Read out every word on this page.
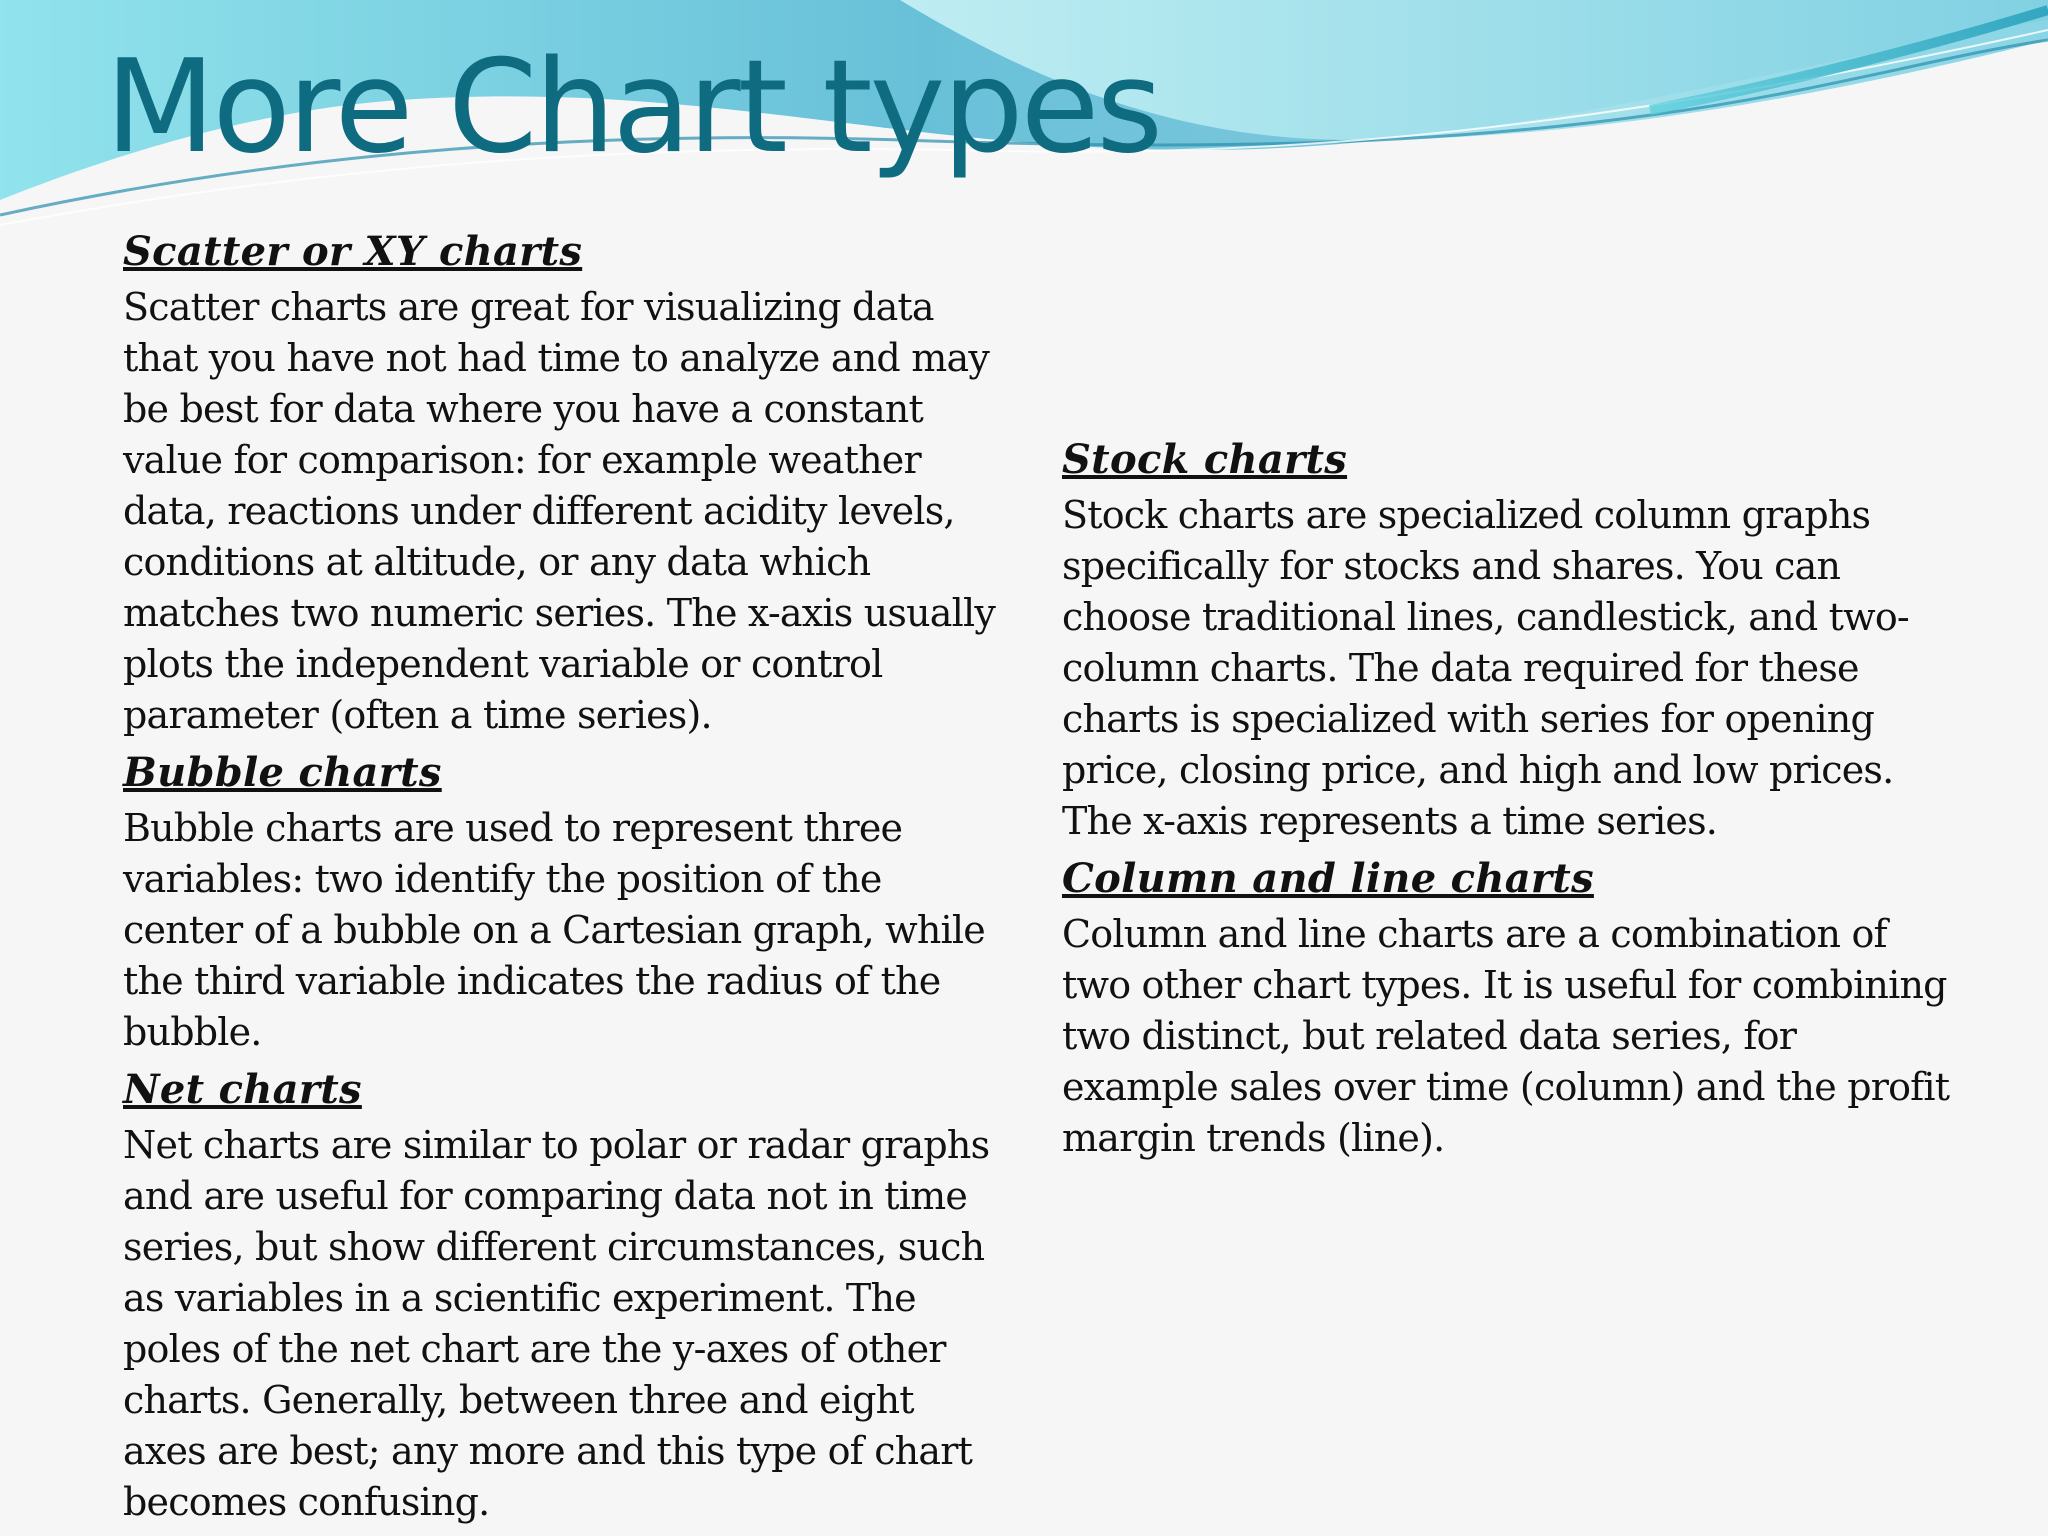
More Chart types

Scatter or XY charts

Scatter charts are great for visualizing data that you have not had time to analyze and may be best for data where you have a constant value for comparison: for example weather data, reactions under different acidity levels, conditions at altitude, or any data which matches two numeric series. The x-axis usually plots the independent variable or control parameter (often a time series).

Bubble charts

Bubble charts are used to represent three variables: two identify the position of the center of a bubble on a Cartesian graph, while the third variable indicates the radius of the bubble.

Net charts

Net charts are similar to polar or radar graphs and are useful for comparing data not in time series, but show different circumstances, such as variables in a scientific experiment. The poles of the net chart are the y-axes of other charts. Generally, between three and eight axes are best; any more and this type of chart becomes confusing.

Stock charts

Stock charts are specialized column graphs specifically for stocks and shares. You can choose traditional lines, candlestick, and two-column charts. The data required for these charts is specialized with series for opening price, closing price, and high and low prices. The x-axis represents a time series.

Column and line charts

Column and line charts are a combination of two other chart types. It is useful for combining two distinct, but related data series, for example sales over time (column) and the profit margin trends (line).
